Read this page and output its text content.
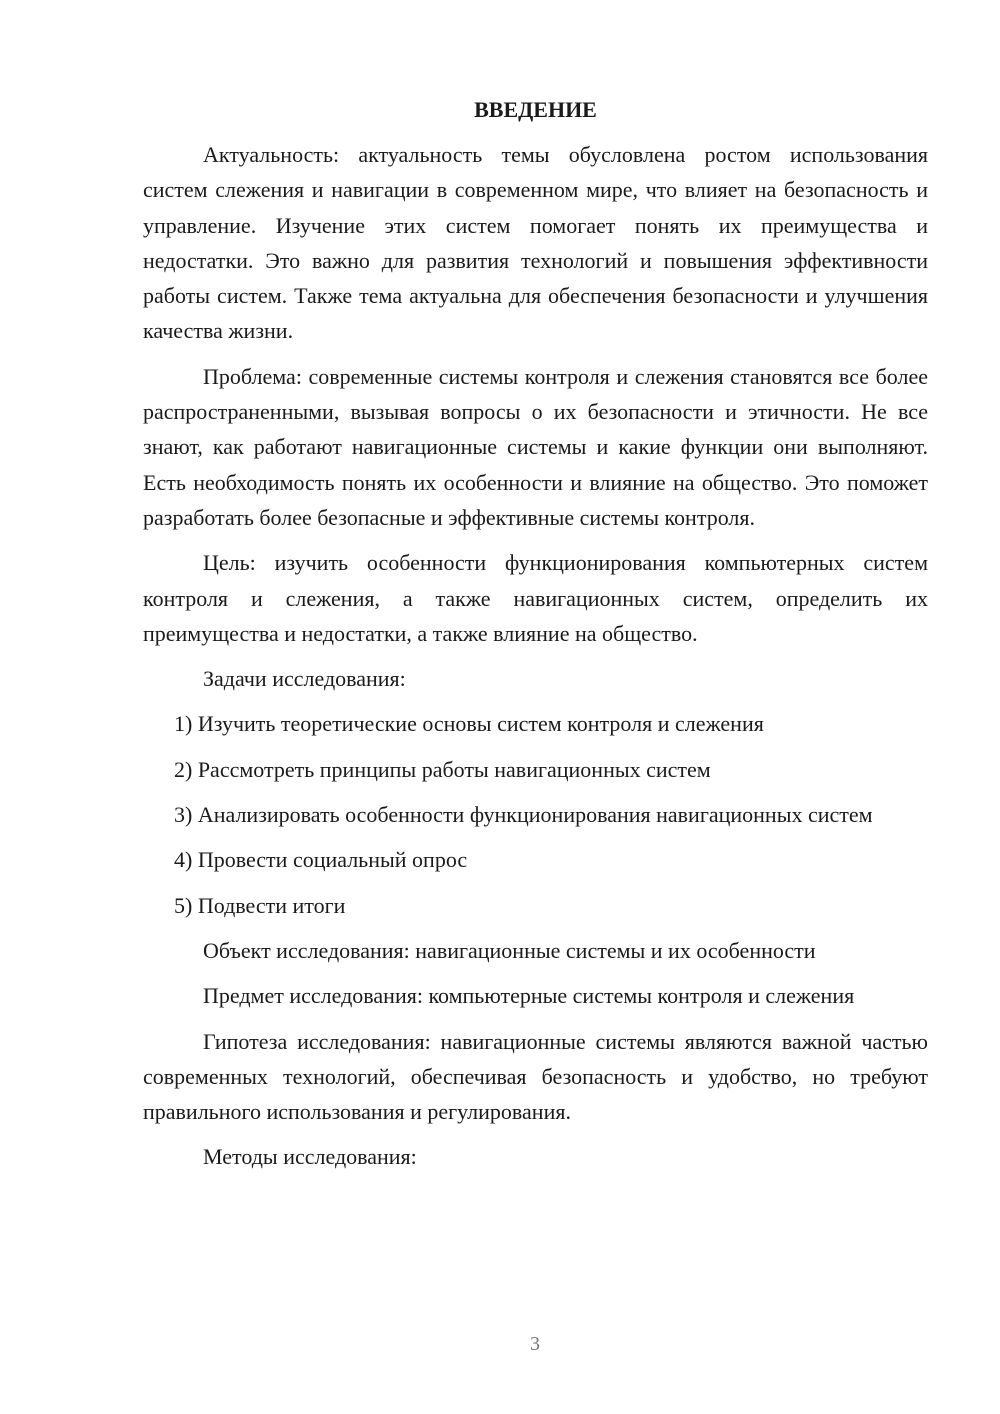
ВВЕДЕНИЕ

Актуальность: актуальность темы обусловлена ростом использования систем слежения и навигации в современном мире, что влияет на безопасность и управление. Изучение этих систем помогает понять их преимущества и недостатки. Это важно для развития технологий и повышения эффективности работы систем. Также тема актуальна для обеспечения безопасности и улучшения качества жизни.

Проблема: современные системы контроля и слежения становятся все более распространенными, вызывая вопросы о их безопасности и этичности. Не все знают, как работают навигационные системы и какие функции они выполняют. Есть необходимость понять их особенности и влияние на общество. Это поможет разработать более безопасные и эффективные системы контроля.

Цель: изучить особенности функционирования компьютерных систем контроля и слежения, а также навигационных систем, определить их преимущества и недостатки, а также влияние на общество.

Задачи исследования:

1) Изучить теоретические основы систем контроля и слежения

2) Рассмотреть принципы работы навигационных систем

3) Анализировать особенности функционирования навигационных систем

4) Провести социальный опрос

5) Подвести итоги

Объект исследования: навигационные системы и их особенности

Предмет исследования: компьютерные системы контроля и слежения

Гипотеза исследования: навигационные системы являются важной частью современных технологий, обеспечивая безопасность и удобство, но требуют правильного использования и регулирования.

Методы исследования:

3
